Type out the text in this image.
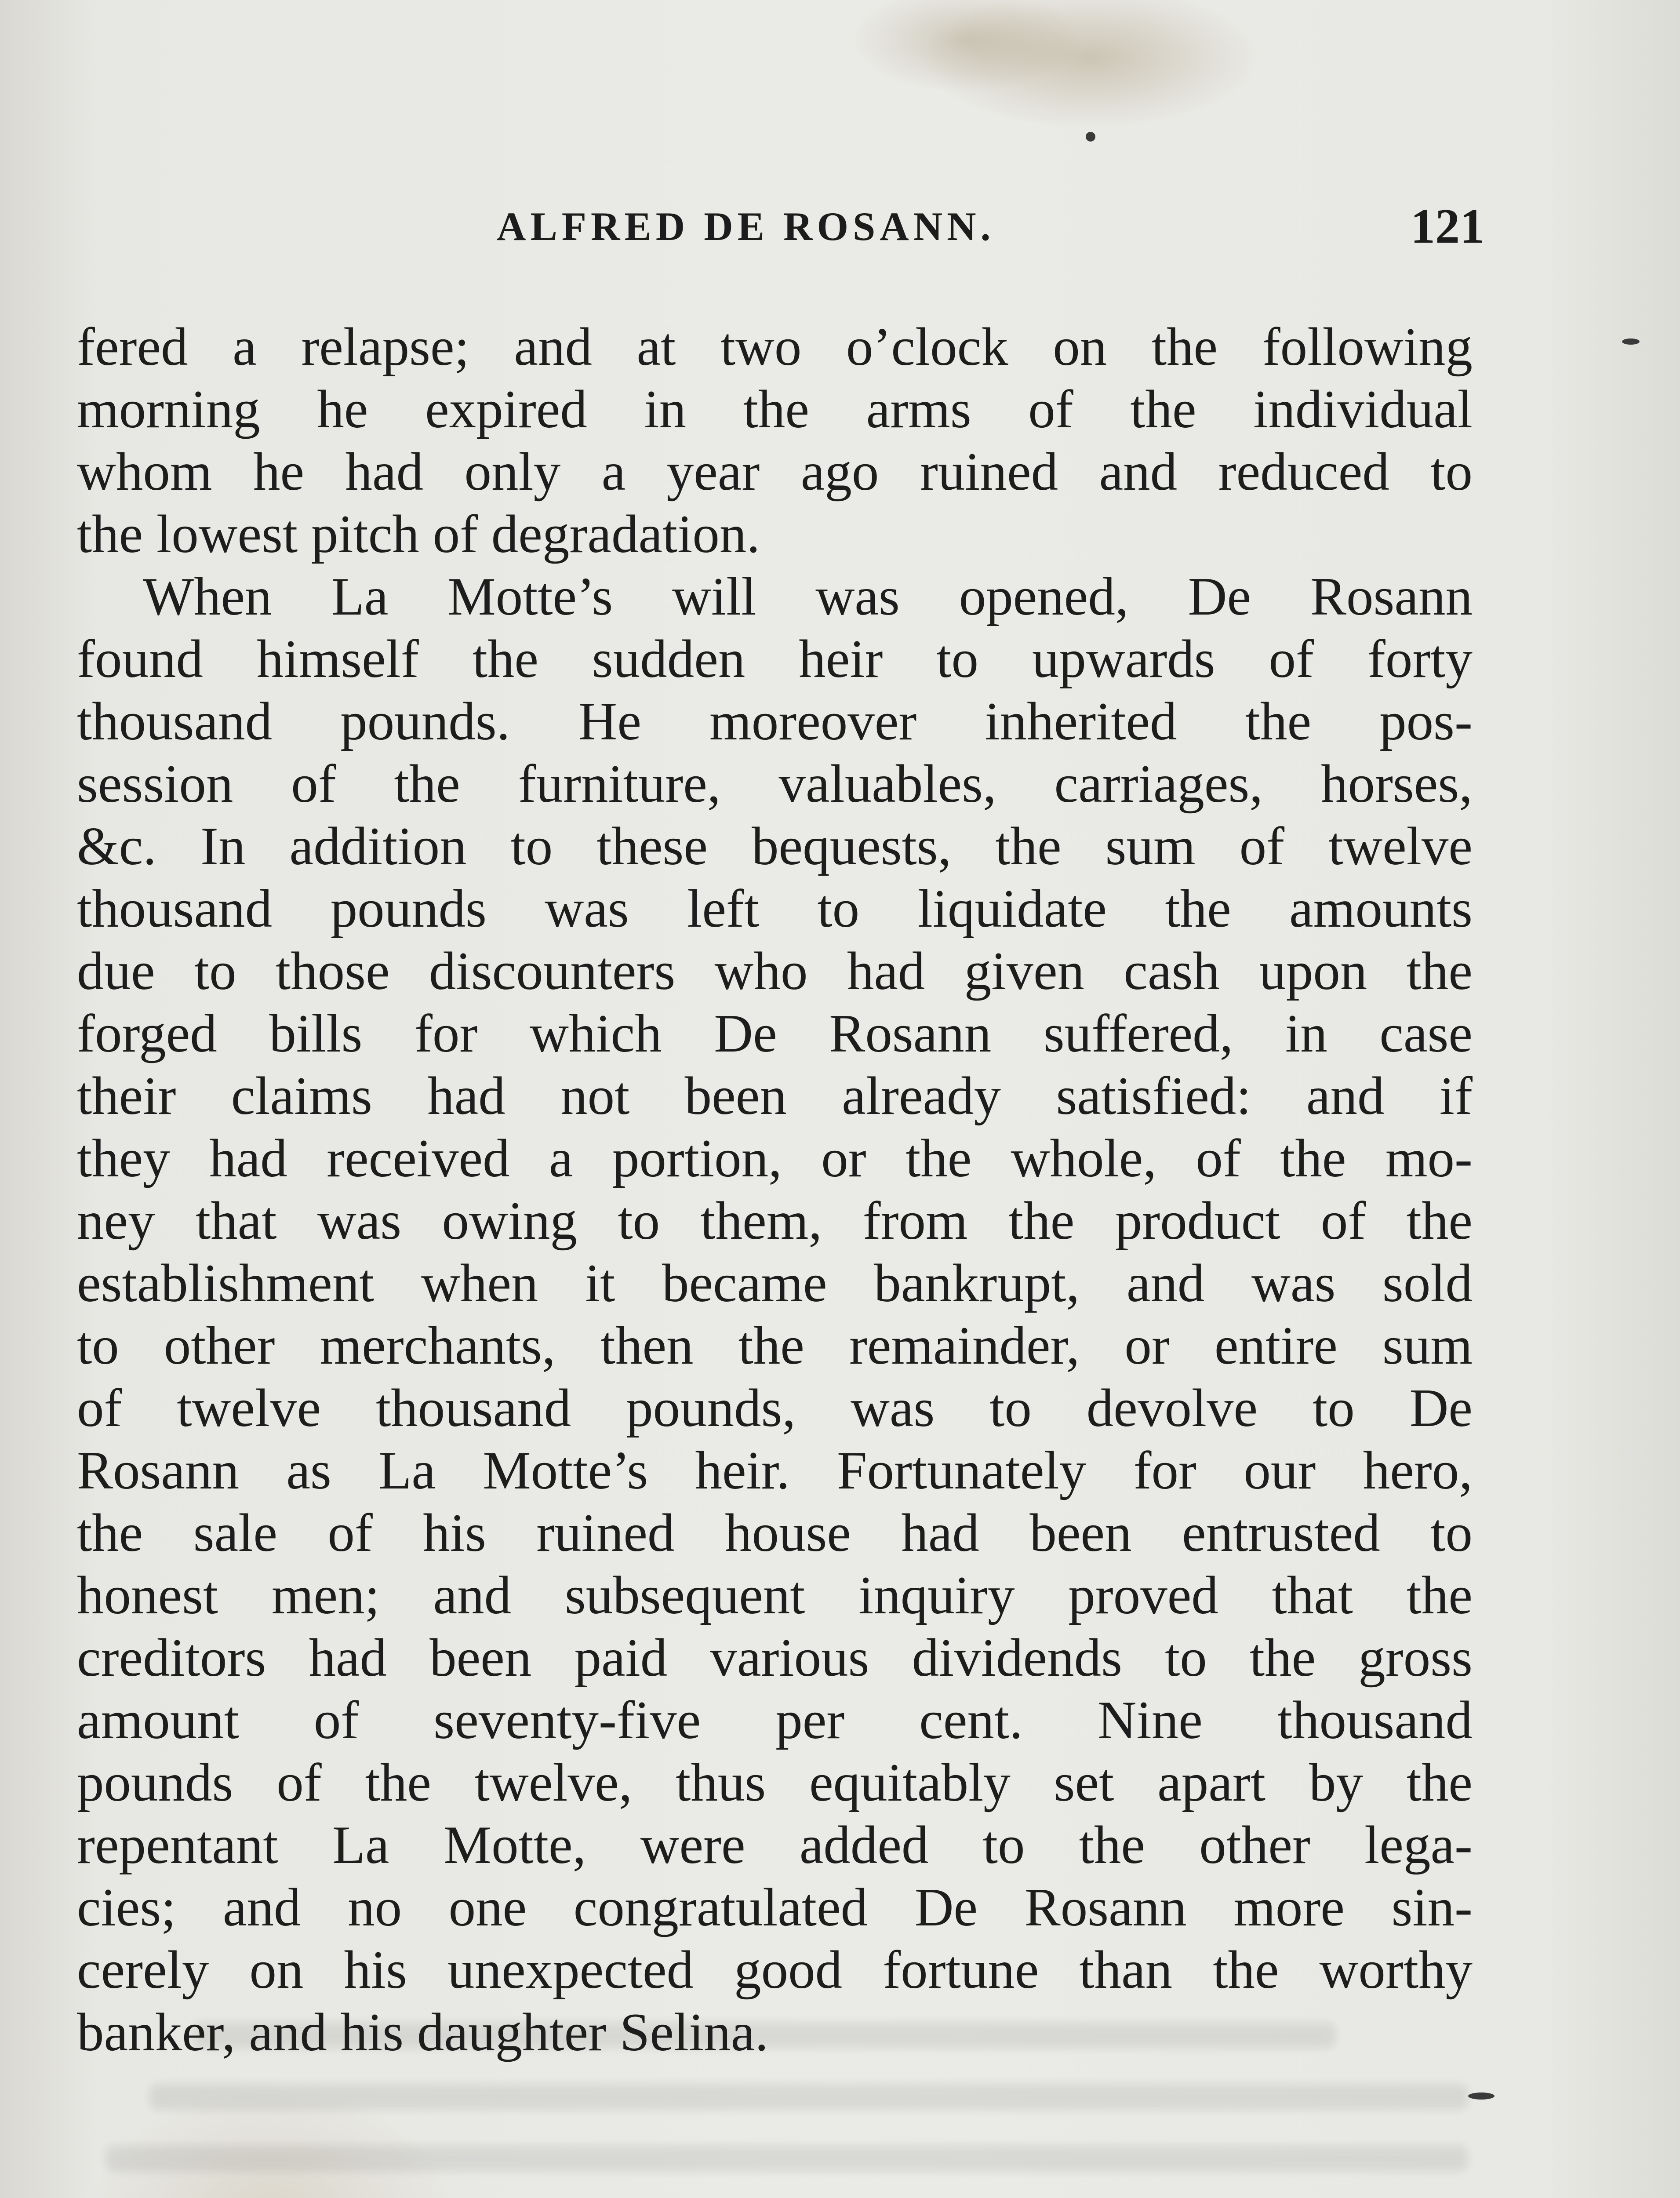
ALFRED DE ROSANN.	121
fered a relapse; and at two o’clock on the following
morning he expired in the arms of the individual
whom he had only a year ago ruined and reduced to
the lowest pitch of degradation.
When La Motte’s will was opened, De Rosann
found himself the sudden heir to upwards of forty
thousand pounds. He moreover inherited the pos-
session of the furniture, valuables, carriages, horses,
&c. In addition to these bequests, the sum of twelve
thousand pounds was left to liquidate the amounts
due to those discounters who had given cash upon the
forged bills for which De Rosann suffered, in case
their claims had not been already satisfied: and if
they had received a portion, or the whole, of the mo-
ney that was owing to them, from the product of the
establishment when it became bankrupt, and was sold
to other merchants, then the remainder, or entire sum
of twelve thousand pounds, was to devolve to De
Rosann as La Motte’s heir. Fortunately for our hero,
the sale of his ruined house had been entrusted to
honest men; and subsequent inquiry proved that the
creditors had been paid various dividends to the gross
amount of seventy-five per cent. Nine thousand
pounds of the twelve, thus equitably set apart by the
repentant La Motte, were added to the other lega-
cies; and no one congratulated De Rosann more sin-
cerely on his unexpected good fortune than the worthy
banker, and his daughter Selina.
